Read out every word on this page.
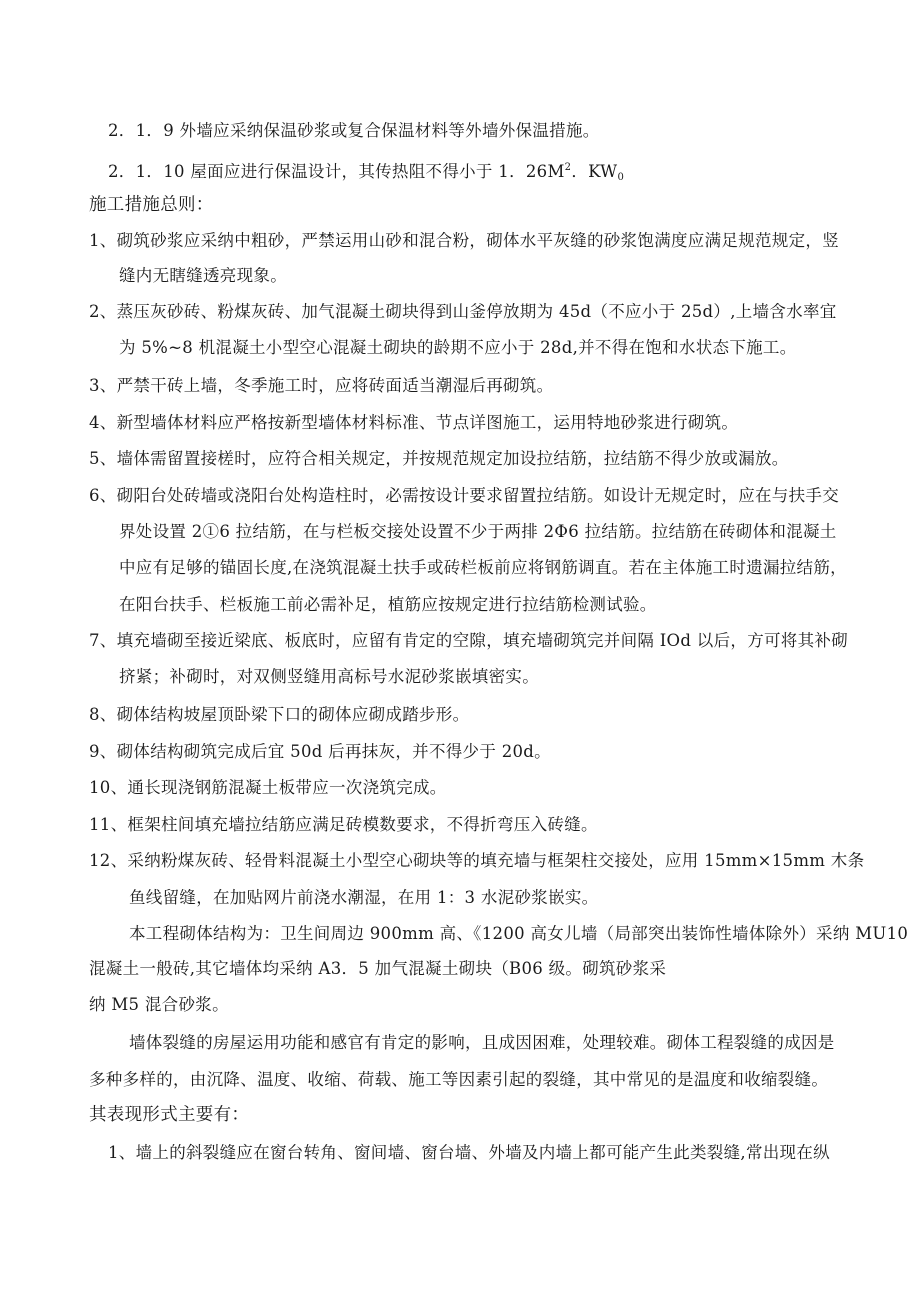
2．1．9 外墙应采纳保温砂浆或复合保温材料等外墙外保温措施。
2．1．10 屋面应进行保温设计，其传热阻不得小于 1．$26M^2$．$KW_0$
施工措施总则：
1、砌筑砂浆应采纳中粗砂，严禁运用山砂和混合粉，砌体水平灰缝的砂浆饱满度应满足规范规定，竖
缝内无瞎缝透亮现象。
2、蒸压灰砂砖、粉煤灰砖、加气混凝土砌块得到山釜停放期为 45d（不应小于 25d）,上墙含水率宜
为 5%~8 机混凝土小型空心混凝土砌块的龄期不应小于 28d,并不得在饱和水状态下施工。
3、严禁干砖上墙，冬季施工时，应将砖面适当潮湿后再砌筑。
4、新型墙体材料应严格按新型墙体材料标准、节点详图施工，运用特地砂浆进行砌筑。
5、墙体需留置接槎时，应符合相关规定，并按规范规定加设拉结筋，拉结筋不得少放或漏放。
6、砌阳台处砖墙或浇阳台处构造柱时，必需按设计要求留置拉结筋。如设计无规定时，应在与扶手交
界处设置 2①6 拉结筋，在与栏板交接处设置不少于两排 2Φ6 拉结筋。拉结筋在砖砌体和混凝土
中应有足够的锚固长度,在浇筑混凝土扶手或砖栏板前应将钢筋调直。若在主体施工时遗漏拉结筋，
在阳台扶手、栏板施工前必需补足，植筋应按规定进行拉结筋检测试验。
7、填充墙砌至接近梁底、板底时，应留有肯定的空隙，填充墙砌筑完并间隔 IOd 以后，方可将其补砌
挤紧；补砌时，对双侧竖缝用高标号水泥砂浆嵌填密实。
8、砌体结构坡屋顶卧梁下口的砌体应砌成踏步形。
9、砌体结构砌筑完成后宜 50d 后再抹灰，并不得少于 20d。
10、通长现浇钢筋混凝土板带应一次浇筑完成。
11、框架柱间填充墙拉结筋应满足砖模数要求，不得折弯压入砖缝。
12、采纳粉煤灰砖、轻骨料混凝土小型空心砌块等的填充墙与框架柱交接处，应用 15mm×15mm 木条
鱼线留缝，在加贴网片前浇水潮湿，在用 1：3 水泥砂浆嵌实。
本工程砌体结构为：卫生间周边 900mm 高、《1200 高女儿墙（局部突出装饰性墙体除外）采纳 MU10
混凝土一般砖,其它墙体均采纳 A3．5 加气混凝土砌块（B06 级。砌筑砂浆采
纳 M5 混合砂浆。
墙体裂缝的房屋运用功能和感官有肯定的影响，且成因困难，处理较难。砌体工程裂缝的成因是
多种多样的，由沉降、温度、收缩、荷载、施工等因素引起的裂缝，其中常见的是温度和收缩裂缝。
其表现形式主要有：
1、墙上的斜裂缝应在窗台转角、窗间墙、窗台墙、外墙及内墙上都可能产生此类裂缝,常出现在纵
